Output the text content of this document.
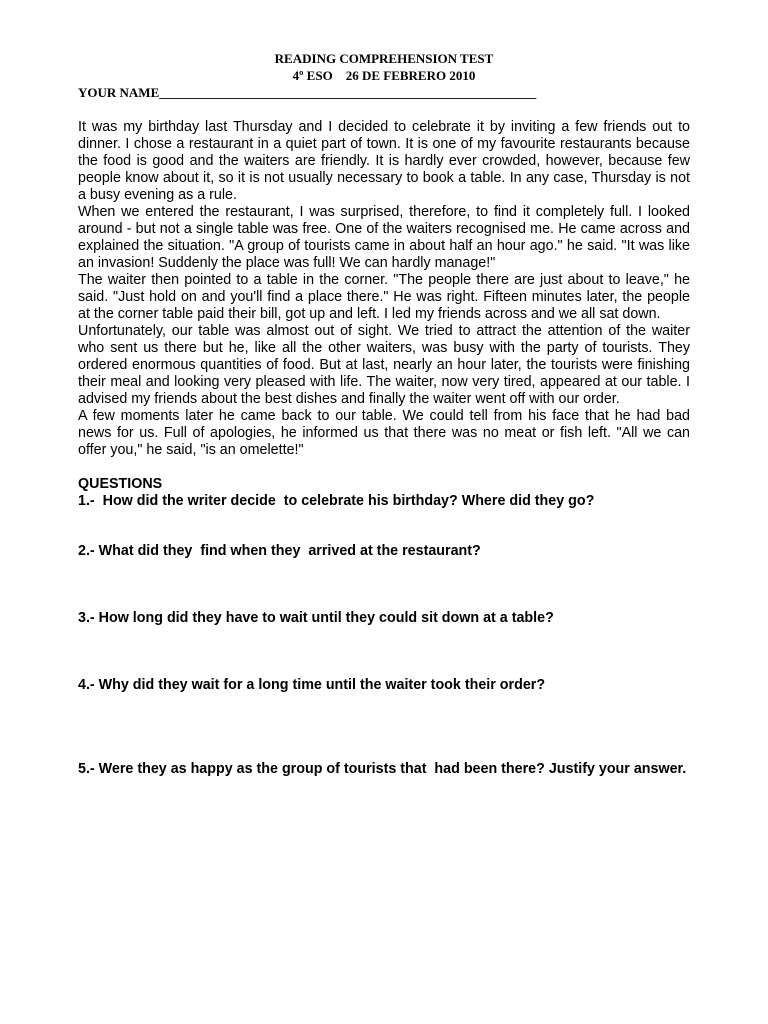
READING COMPREHENSION TEST

4º ESO    26 DE FEBRERO 2010

YOUR NAME__________________________________________________________

It was my birthday last Thursday and I decided to celebrate it by inviting a few friends out to dinner. I chose a restaurant in a quiet part of town. It is one of my favourite restaurants because the food is good and the waiters are friendly. It is hardly ever crowded, however, because few people know about it, so it is not usually necessary to book a table. In any case, Thursday is not a busy evening as a rule.

When we entered the restaurant, I was surprised, therefore, to find it completely full. I looked around - but not a single table was free. One of the waiters recognised me. He came across and explained the situation. "A group of tourists came in about half an hour ago." he said. "It was like an invasion! Suddenly the place was full! We can hardly manage!"

The waiter then pointed to a table in the corner. "The people there are just about to leave," he said. "Just hold on and you'll find a place there." He was right. Fifteen minutes later, the people at the corner table paid their bill, got up and left. I led my friends across and we all sat down.

Unfortunately, our table was almost out of sight. We tried to attract the attention of the waiter who sent us there but he, like all the other waiters, was busy with the party of tourists. They ordered enormous quantities of food. But at last, nearly an hour later, the tourists were finishing their meal and looking very pleased with life. The waiter, now very tired, appeared at our table. I advised my friends about the best dishes and finally the waiter went off with our order.

A few moments later he came back to our table. We could tell from his face that he had bad news for us. Full of apologies, he informed us that there was no meat or fish left. "All we can offer you," he said, "is an omelette!"

QUESTIONS

1.-  How did the writer decide  to celebrate his birthday? Where did they go?

2.- What did they  find when they  arrived at the restaurant?

3.- How long did they have to wait until they could sit down at a table?

4.- Why did they wait for a long time until the waiter took their order?

5.- Were they as happy as the group of tourists that  had been there? Justify your answer.
